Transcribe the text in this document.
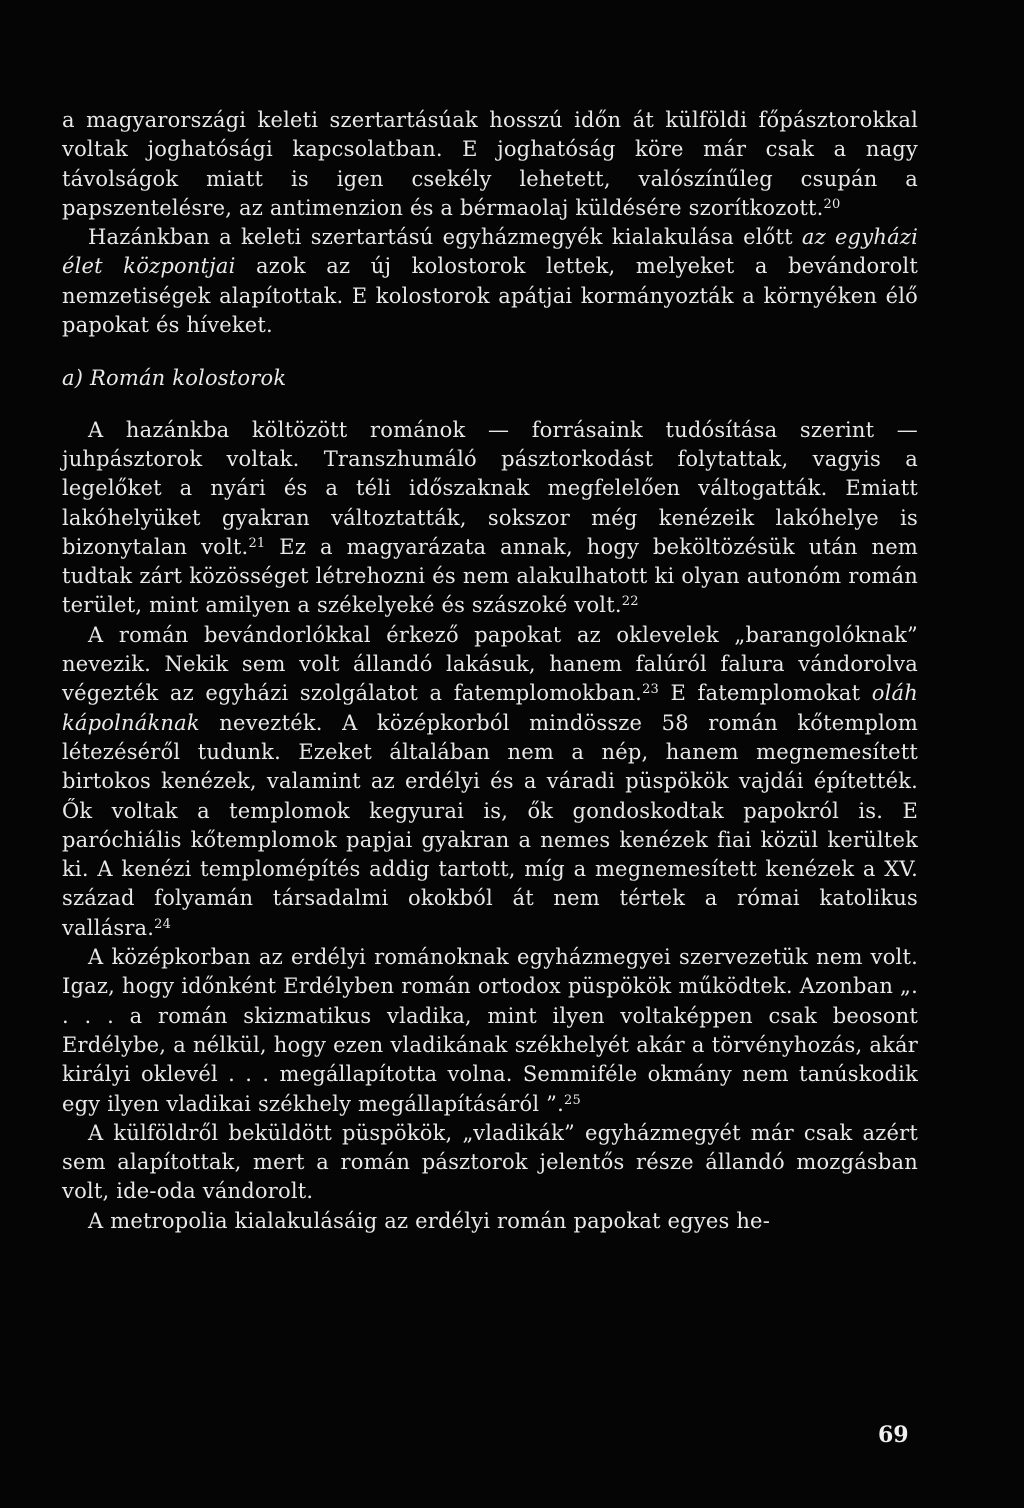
a magyarországi keleti szertartásúak hosszú időn át külföldi főpásztorokkal voltak joghatósági kapcsolatban. E joghatóság köre már csak a nagy távolságok miatt is igen csekély lehetett, valószínűleg csupán a papszentelésre, az antimenzion és a bérmaolaj küldésére szorítkozott.$^{20}$

Hazánkban a keleti szertartású egyházmegyék kialakulása előtt az egyházi élet központjai azok az új kolostorok lettek, melyeket a bevándorolt nemzetiségek alapítottak. E kolostorok apátjai kormányozták a környéken élő papokat és híveket.

a) Román kolostorok

A hazánkba költözött románok — forrásaink tudósítása szerint — juhpásztorok voltak. Transzhumáló pásztorkodást folytattak, vagyis a legelőket a nyári és a téli időszaknak megfelelően váltogatták. Emiatt lakóhelyüket gyakran változtatták, sokszor még kenézeik lakóhelye is bizonytalan volt.$^{21}$ Ez a magyarázata annak, hogy beköltözésük után nem tudtak zárt közösséget létrehozni és nem alakulhatott ki olyan autonóm román terület, mint amilyen a székelyeké és szászoké volt.$^{22}$

A román bevándorlókkal érkező papokat az oklevelek „barangolóknak” nevezik. Nekik sem volt állandó lakásuk, hanem falúról falura vándorolva végezték az egyházi szolgálatot a fatemplomokban.$^{23}$ E fatemplomokat oláh kápolnáknak nevezték. A középkorból mindössze 58 román kőtemplom létezéséről tudunk. Ezeket általában nem a nép, hanem megnemesített birtokos kenézek, valamint az erdélyi és a váradi püspökök vajdái építették. Ők voltak a templomok kegyurai is, ők gondoskodtak papokról is. E paróchiális kőtemplomok papjai gyakran a nemes kenézek fiai közül kerültek ki. A kenézi templomépítés addig tartott, míg a megnemesített kenézek a XV. század folyamán társadalmi okokból át nem tértek a római katolikus vallásra.$^{24}$

A középkorban az erdélyi románoknak egyházmegyei szervezetük nem volt. Igaz, hogy időnként Erdélyben román ortodox püspökök működtek. Azonban „. . . . a román skizmatikus vladika, mint ilyen voltaképpen csak beosont Erdélybe, a nélkül, hogy ezen vladikának székhelyét akár a törvényhozás, akár királyi oklevél . . . megállapította volna. Semmiféle okmány nem tanúskodik egy ilyen vladikai székhely megállapításáról ”.$^{25}$

A külföldről beküldött püspökök, „vladikák” egyházmegyét már csak azért sem alapítottak, mert a román pásztorok jelentős része állandó mozgásban volt, ide-oda vándorolt.

A metropolia kialakulásáig az erdélyi román papokat egyes he-

69
